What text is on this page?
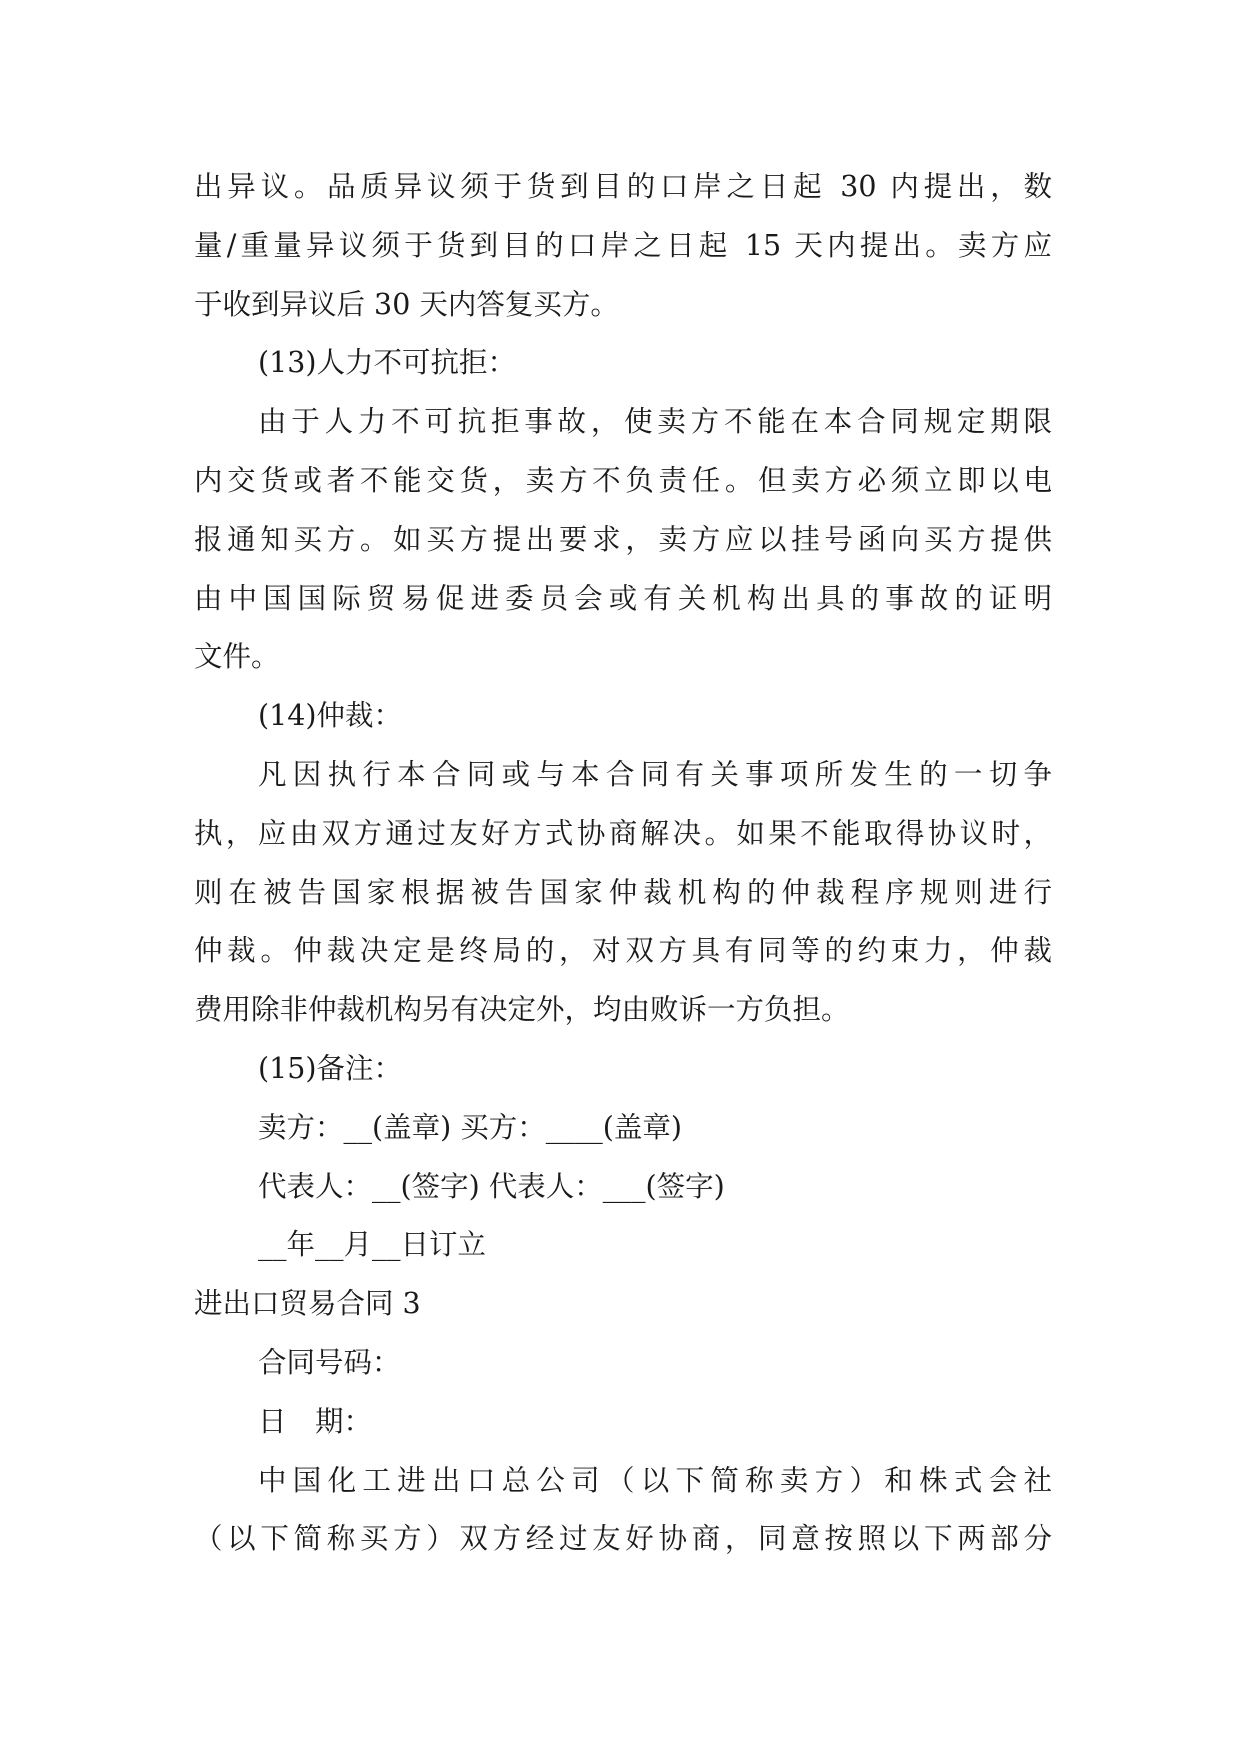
出异议。品质异议须于货到目的口岸之日起 30 内提出，数
量/重量异议须于货到目的口岸之日起 15 天内提出。卖方应
于收到异议后 30 天内答复买方。
(13)人力不可抗拒：
由于人力不可抗拒事故，使卖方不能在本合同规定期限
内交货或者不能交货，卖方不负责任。但卖方必须立即以电
报通知买方。如买方提出要求，卖方应以挂号函向买方提供
由中国国际贸易促进委员会或有关机构出具的事故的证明
文件。
(14)仲裁：
凡因执行本合同或与本合同有关事项所发生的一切争
执，应由双方通过友好方式协商解决。如果不能取得协议时，
则在被告国家根据被告国家仲裁机构的仲裁程序规则进行
仲裁。仲裁决定是终局的，对双方具有同等的约束力，仲裁
费用除非仲裁机构另有决定外，均由败诉一方负担。
(15)备注：
卖方：__(盖章) 买方：____(盖章)
代表人：__(签字) 代表人：___(签字)
__年__月__日订立
进出口贸易合同 3
合同号码：
日　期：
中国化工进出口总公司（以下简称卖方）和株式会社
（以下简称买方）双方经过友好协商，同意按照以下两部分
